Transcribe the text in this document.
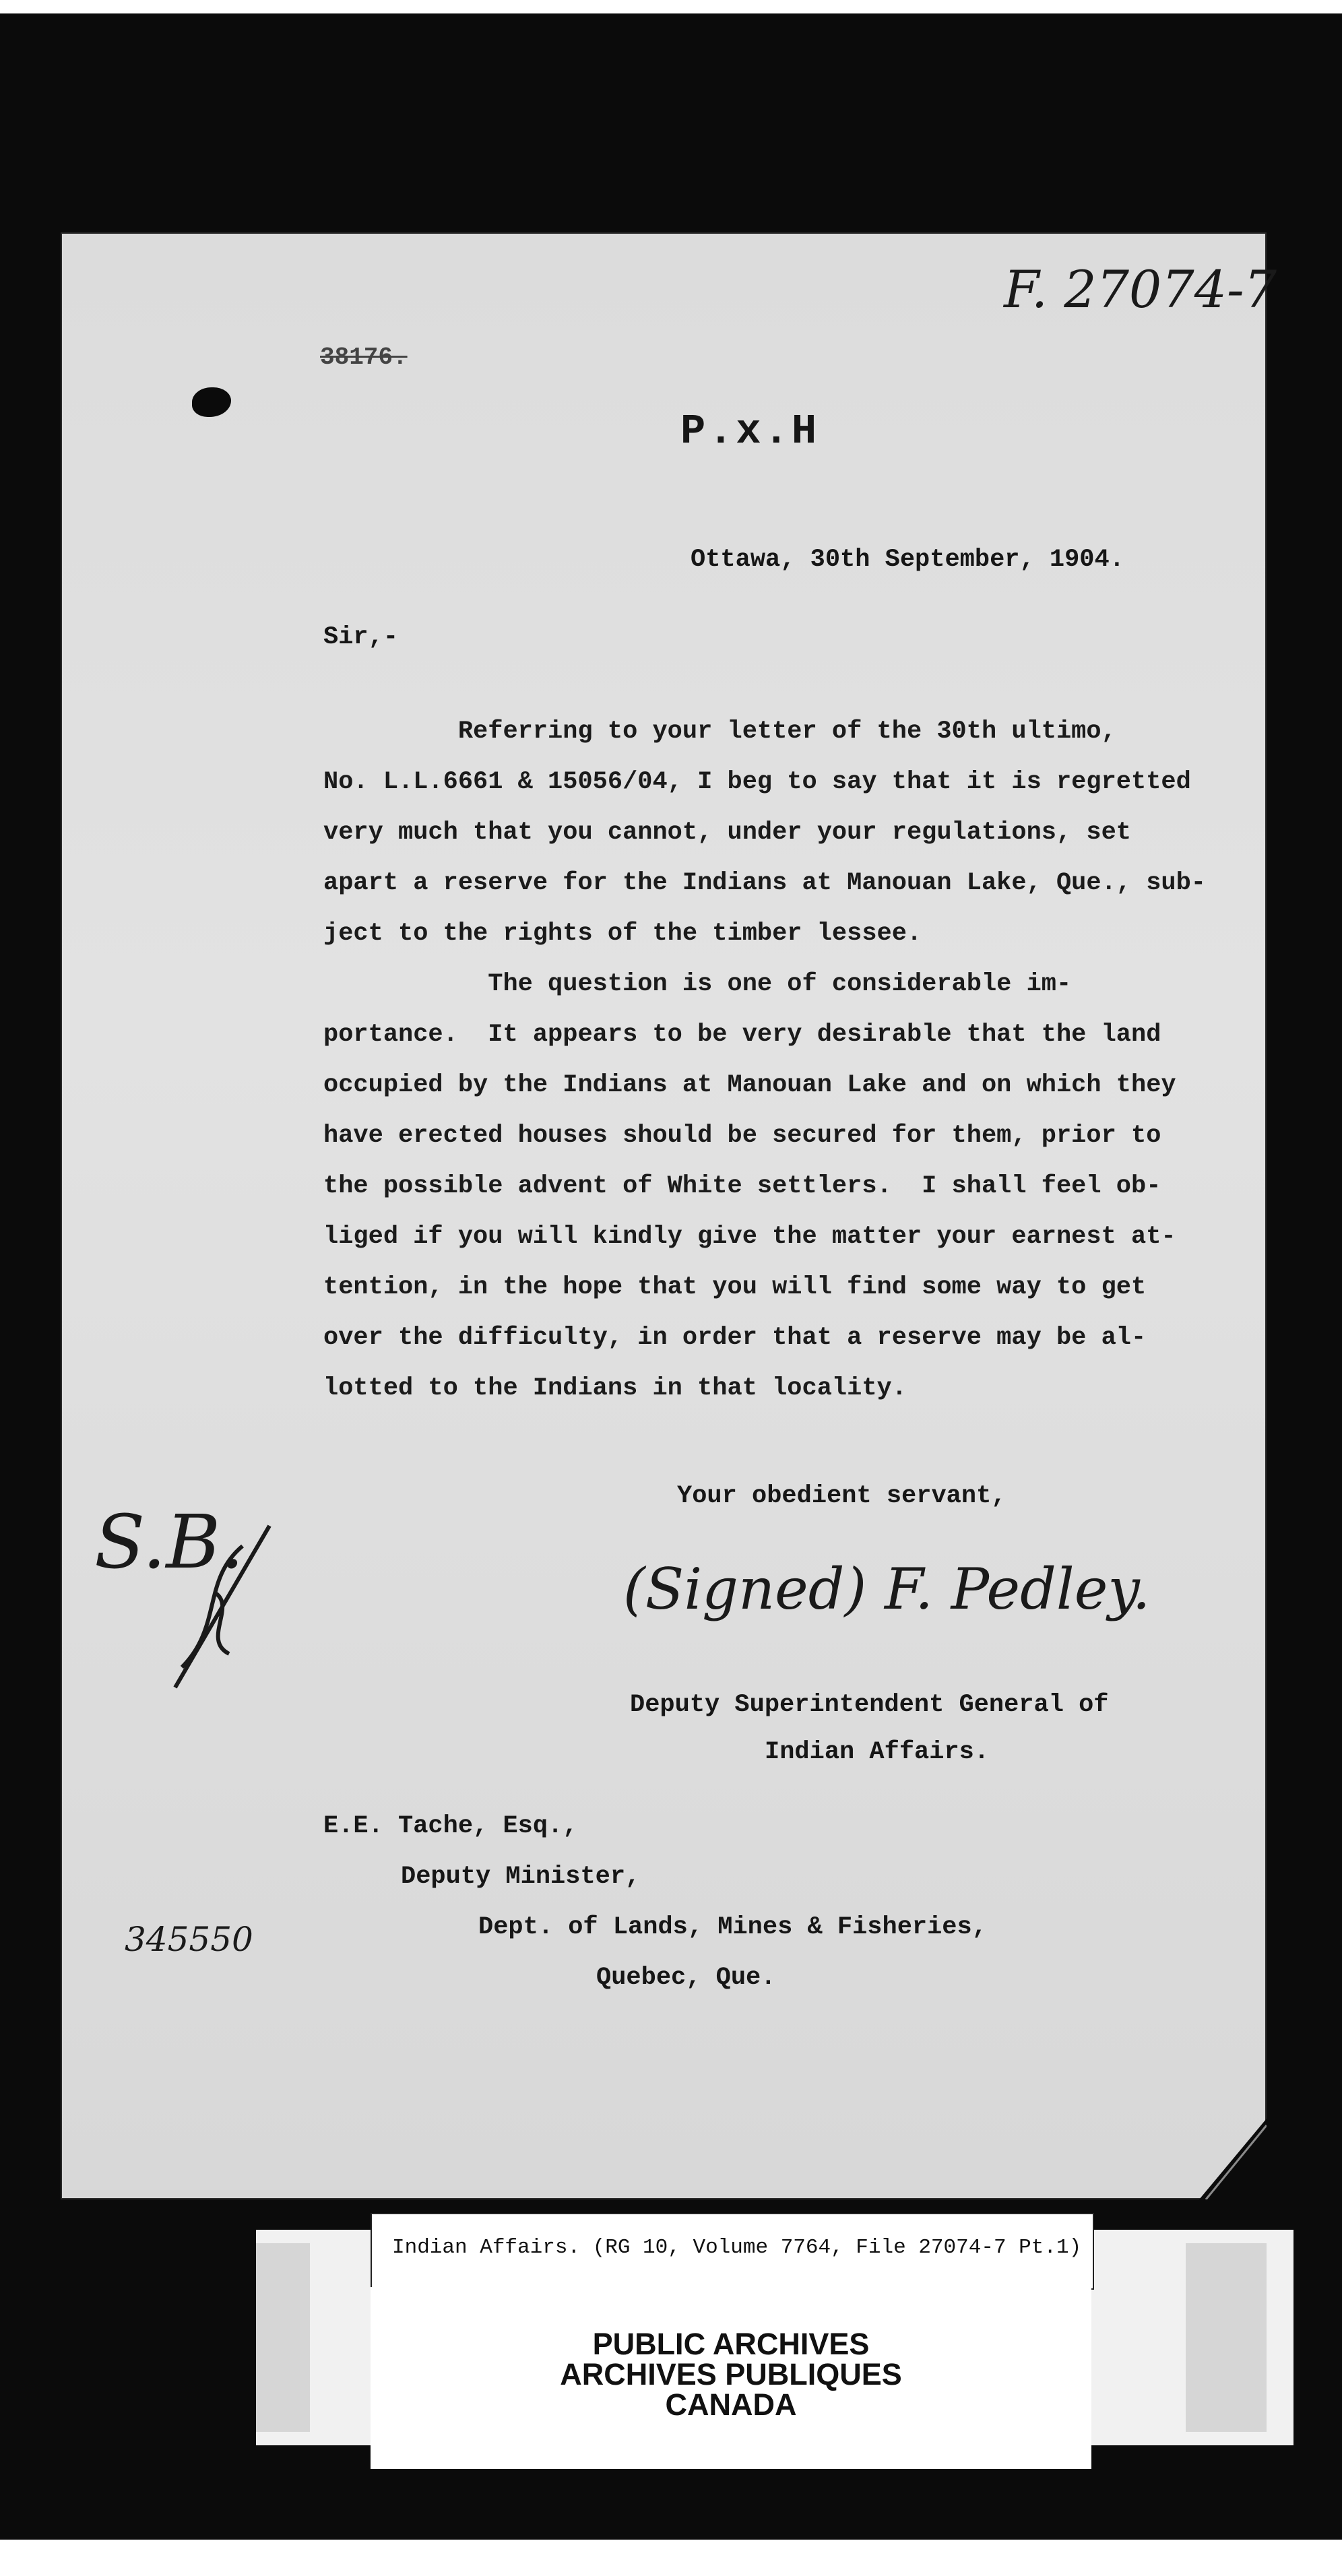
F. 27074-7
38176.
P.x.H
Ottawa, 30th September, 1904.
Sir,-
Referring to your letter of the 30th ultimo,
No. L.L.6661 & 15056/04, I beg to say that it is regretted
very much that you cannot, under your regulations, set
apart a reserve for the Indians at Manouan Lake, Que., sub-
ject to the rights of the timber lessee.
The question is one of considerable im-
portance.  It appears to be very desirable that the land
occupied by the Indians at Manouan Lake and on which they
have erected houses should be secured for them, prior to
the possible advent of White settlers.  I shall feel ob-
liged if you will kindly give the matter your earnest at-
tention, in the hope that you will find some way to get
over the difficulty, in order that a reserve may be al-
lotted to the Indians in that locality.
Your obedient servant,
(Signed) F. Pedley.
Deputy Superintendent General of
Indian Affairs.
E.E. Tache, Esq.,
Deputy Minister,
Dept. of Lands, Mines & Fisheries,
Quebec, Que.
S.B.
345550
Indian Affairs. (RG 10, Volume 7764, File 27074-7 Pt.1)
PUBLIC ARCHIVES
ARCHIVES PUBLIQUES
CANADA
